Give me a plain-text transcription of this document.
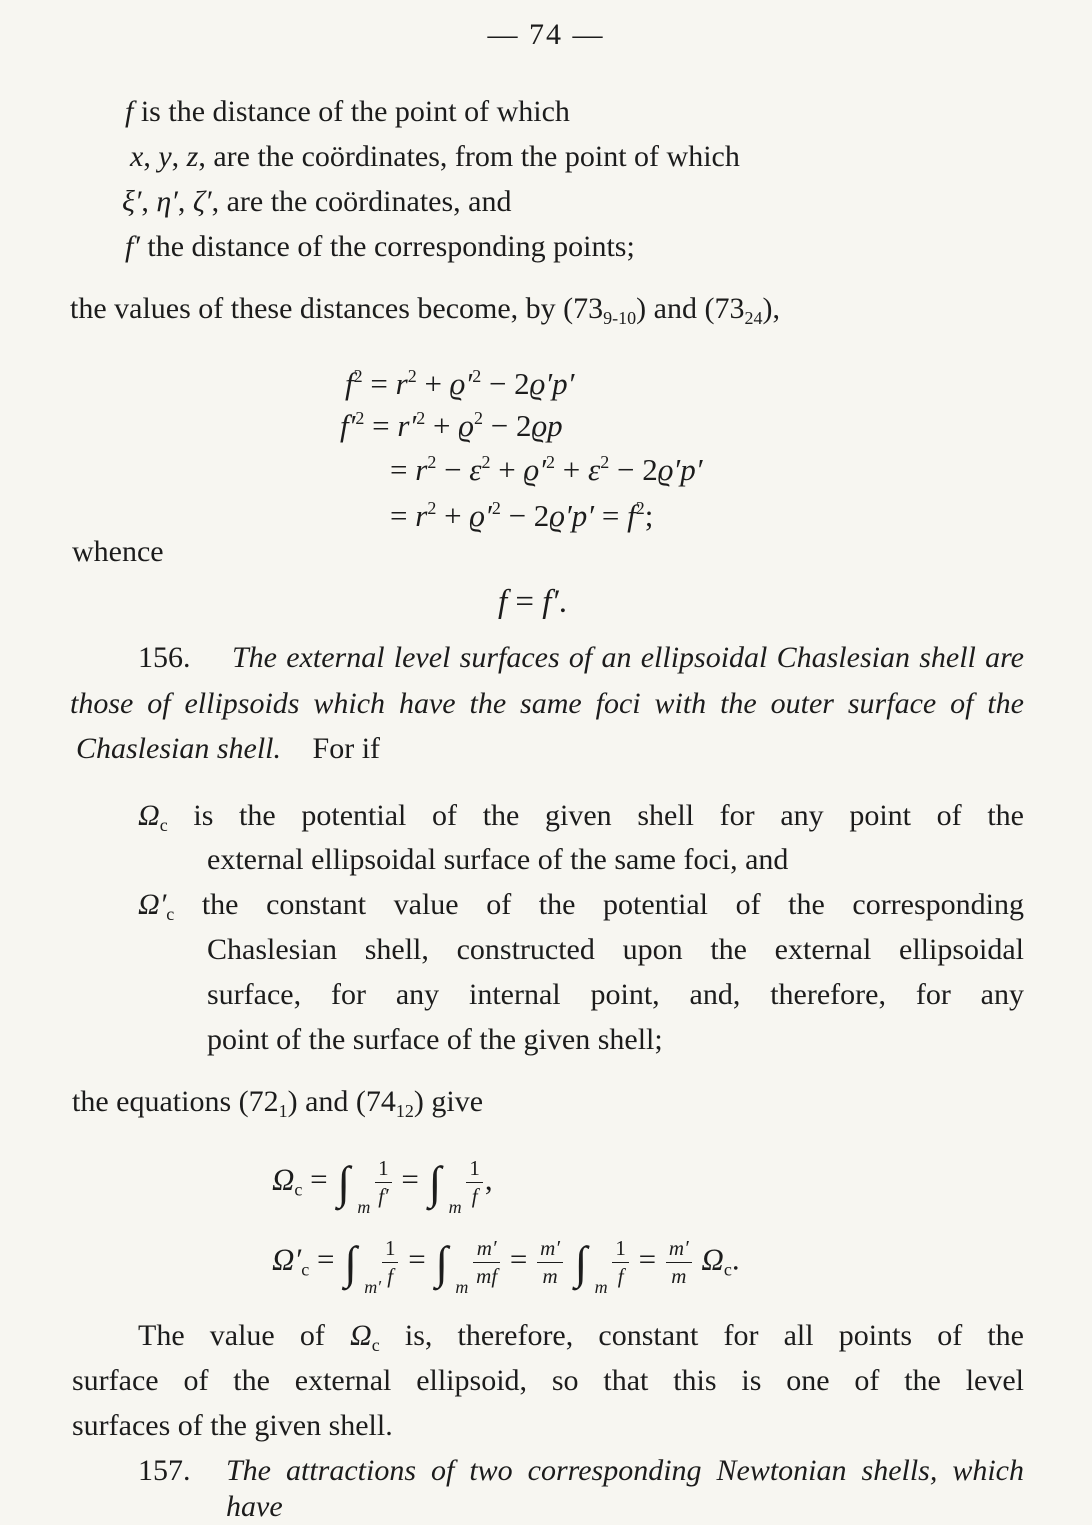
— 74 —
f is the distance of the point of which
x, y, z, are the coördinates, from the point of which
ξ′, η′, ζ′, are the coördinates, and
f′ the distance of the corresponding points;
the values of these distances become, by $(73_{9-10})$ and $(73_{24})$,
$f^2 = r^2 + ϱ'^2 - 2ϱ'p'$
$f'^2 = r'^2 + ϱ^2 - 2ϱp$
= $r^2 - \varepsilon^2 + ϱ'^2 + \varepsilon^2 - 2ϱ'p'$
= $r^2 + ϱ'^2 - 2ϱ'p' = f^2$;
whence
f = f′.
156. The external level surfaces of an ellipsoidal Chaslesian shell are
those of ellipsoids which have the same foci with the outer surface of the
Chaslesian shell. For if
$\Omega_c$ is the potential of the given shell for any point of the
external ellipsoidal surface of the same foci, and
$\Omega'_c$ the constant value of the potential of the corresponding
Chaslesian shell, constructed upon the external ellipsoidal
surface, for any internal point, and, therefore, for any
point of the surface of the given shell;
the equations $(72_1)$ and $(74_{12})$ give
$\Omega_c$ = ∫ m
$\frac{1}{f'}$ = ∫ m
$\frac{1}{f}$ ,
$\Omega'_c$ = ∫ m′
$\frac{1}{f}$ = ∫ m
$\frac{m'}{mf} = \frac{m'}{m}$ ∫ m
$\frac{1}{f} = \frac{m'}{m} \Omega_c$.
The value of $\Omega_c$ is, therefore, constant for all points of the
surface of the external ellipsoid, so that this is one of the level
surfaces of the given shell.
157. The attractions of two corresponding Newtonian shells, which have
